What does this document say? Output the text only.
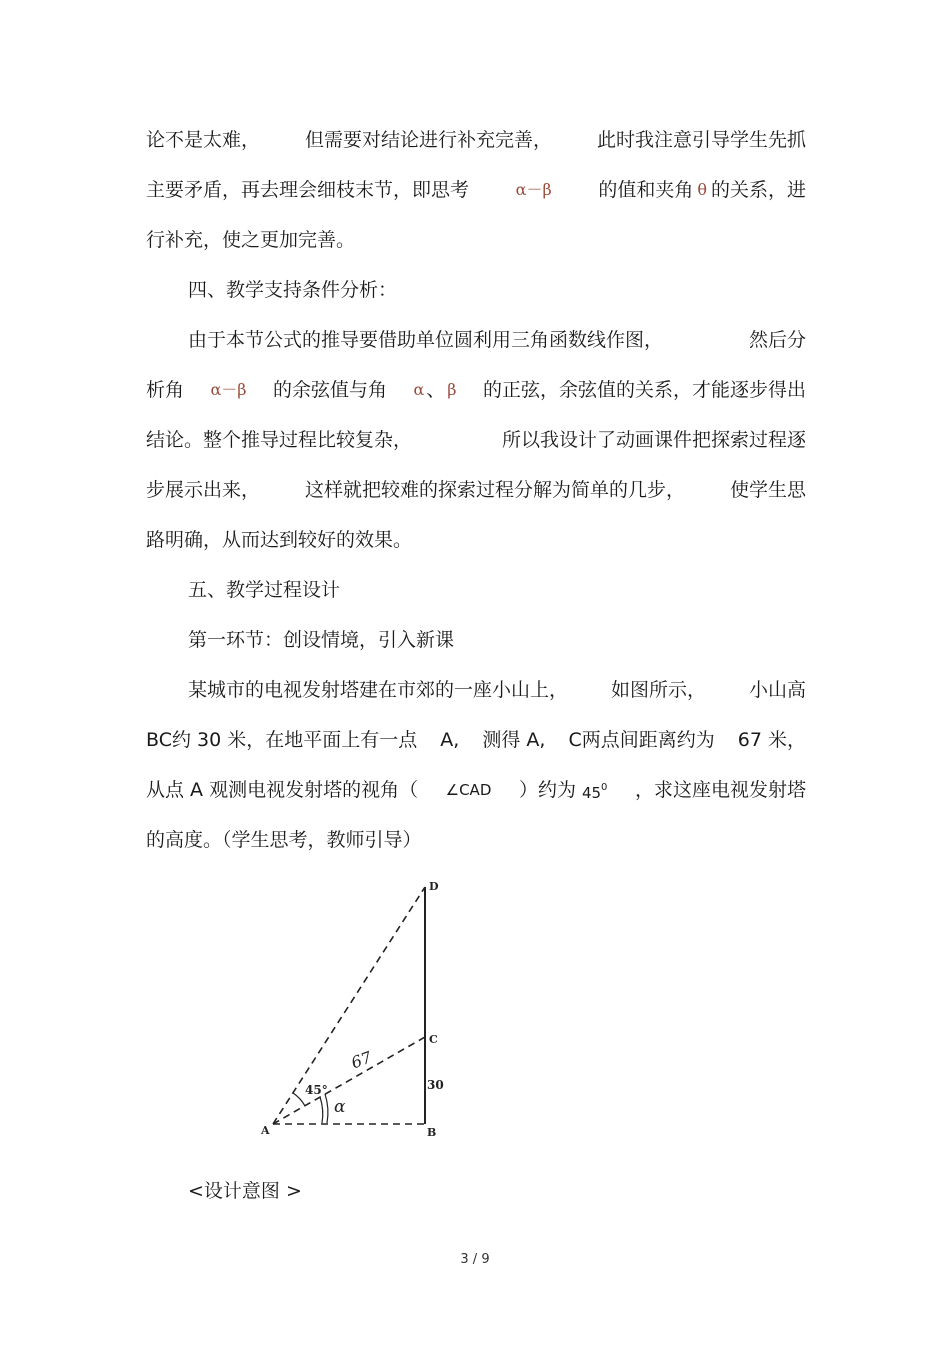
论不是太难， 但需要对结论进行补充完善， 此时我注意引导学生先抓
主要矛盾，再去理会细枝末节，即思考	α－β 的值和夹角 θ 的关系，进
行补充，使之更加完善。
四、教学支持条件分析：
由于本节公式的推导要借助单位圆利用三角函数线作图，	然后分
析角 α－β 的余弦值与角 α 、 β 的正弦，余弦值的关系，才能逐步得出
结论。整个推导过程比较复杂，	所以我设计了动画课件把探索过程逐
步展示出来， 这样就把较难的探索过程分解为简单的几步， 使学生思
路明确，从而达到较好的效果。
五、教学过程设计
第一环节：创设情境，引入新课
某城市的电视发射塔建在市郊的一座小山上， 如图所示， 小山高
BC约 30 米，在地平面上有一点 A, 测得 A, C两点间距离约为 67 米，
从点 A 观测电视发射塔的视角（ ∠CAD ）约为 $45^0$ ，求这座电视发射塔
的高度。（学生思考，教师引导）
D
C
30
B
A
67
45°
α
<设计意图 >
3 / 9
